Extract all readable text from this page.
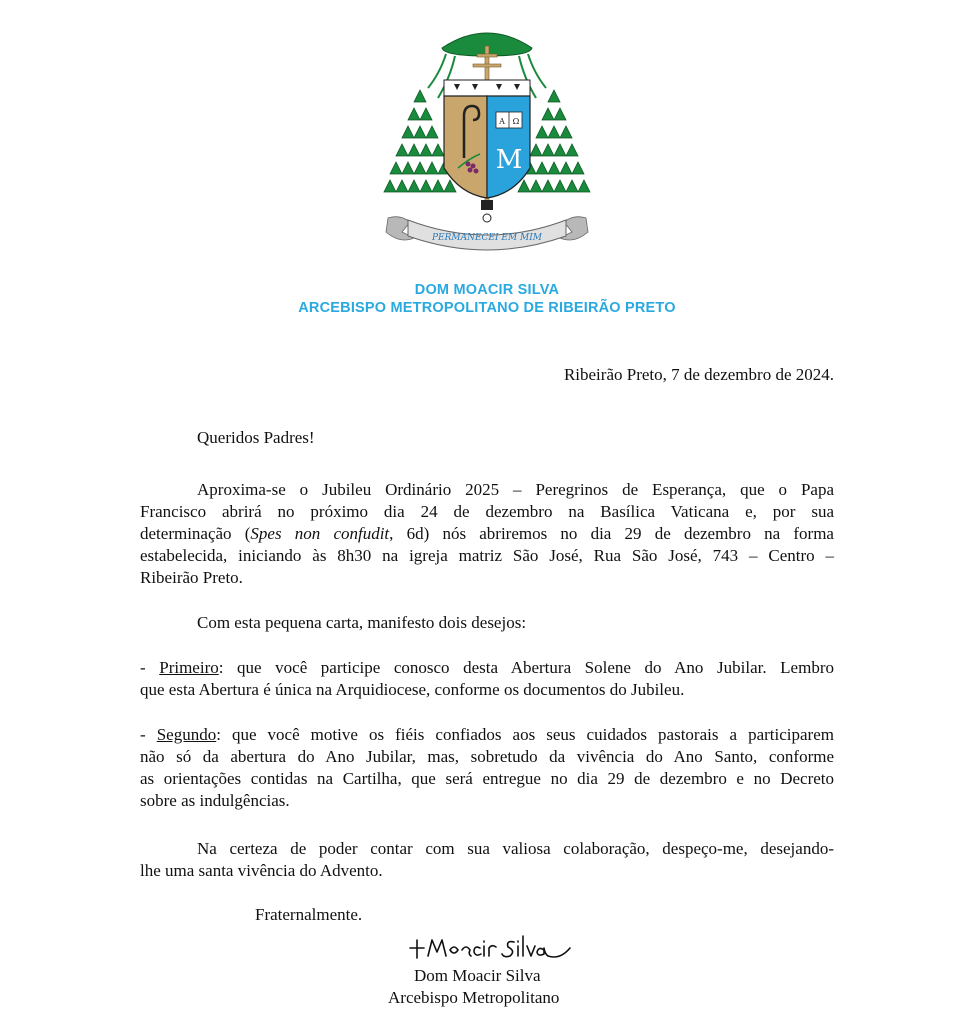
A Ω
M
PERMANECEI EM MIM
DOM MOACIR SILVA
ARCEBISPO METROPOLITANO DE RIBEIRÃO PRETO
Ribeirão Preto, 7 de dezembro de 2024.
Queridos Padres!
Aproxima-se o Jubileu Ordinário 2025 – Peregrinos de Esperança, que o Papa
Francisco abrirá no próximo dia 24 de dezembro na Basílica Vaticana e, por sua
determinação (Spes non confudit, 6d) nós abriremos no dia 29 de dezembro na forma
estabelecida, iniciando às 8h30 na igreja matriz São José, Rua São José, 743 – Centro –
Ribeirão Preto.
Com esta pequena carta, manifesto dois desejos:
- Primeiro: que você participe conosco desta Abertura Solene do Ano Jubilar. Lembro
que esta Abertura é única na Arquidiocese, conforme os documentos do Jubileu.
- Segundo: que você motive os fiéis confiados aos seus cuidados pastorais a participarem
não só da abertura do Ano Jubilar, mas, sobretudo da vivência do Ano Santo, conforme
as orientações contidas na Cartilha, que será entregue no dia 29 de dezembro e no Decreto
sobre as indulgências.
Na certeza de poder contar com sua valiosa colaboração, despeço-me, desejando-
lhe uma santa vivência do Advento.
Fraternalmente.
Dom Moacir Silva
Arcebispo Metropolitano
